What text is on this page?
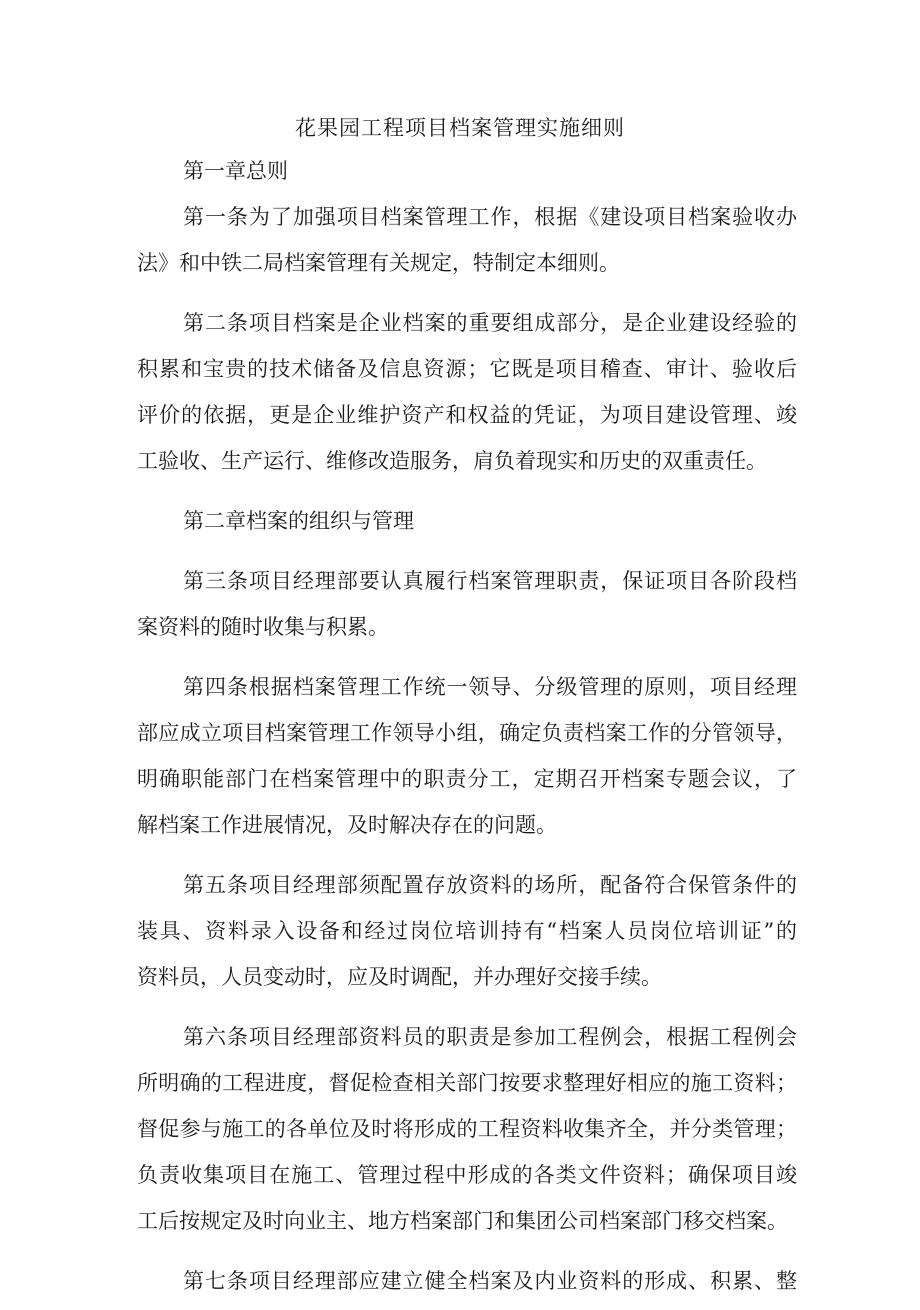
花果园工程项目档案管理实施细则
第一章总则
第一条为了加强项目档案管理工作，根据《建设项目档案验收办
法》和中铁二局档案管理有关规定，特制定本细则。
第二条项目档案是企业档案的重要组成部分，是企业建设经验的
积累和宝贵的技术储备及信息资源；它既是项目稽查、审计、验收后
评价的依据，更是企业维护资产和权益的凭证，为项目建设管理、竣
工验收、生产运行、维修改造服务，肩负着现实和历史的双重责任。
第二章档案的组织与管理
第三条项目经理部要认真履行档案管理职责，保证项目各阶段档
案资料的随时收集与积累。
第四条根据档案管理工作统一领导、分级管理的原则，项目经理
部应成立项目档案管理工作领导小组，确定负责档案工作的分管领导，
明确职能部门在档案管理中的职责分工，定期召开档案专题会议，了
解档案工作进展情况，及时解决存在的问题。
第五条项目经理部须配置存放资料的场所，配备符合保管条件的
装具、资料录入设备和经过岗位培训持有“档案人员岗位培训证”的
资料员，人员变动时，应及时调配，并办理好交接手续。
第六条项目经理部资料员的职责是参加工程例会，根据工程例会
所明确的工程进度，督促检查相关部门按要求整理好相应的施工资料；
督促参与施工的各单位及时将形成的工程资料收集齐全，并分类管理；
负责收集项目在施工、管理过程中形成的各类文件资料；确保项目竣
工后按规定及时向业主、地方档案部门和集团公司档案部门移交档案。
第七条项目经理部应建立健全档案及内业资料的形成、积累、整
